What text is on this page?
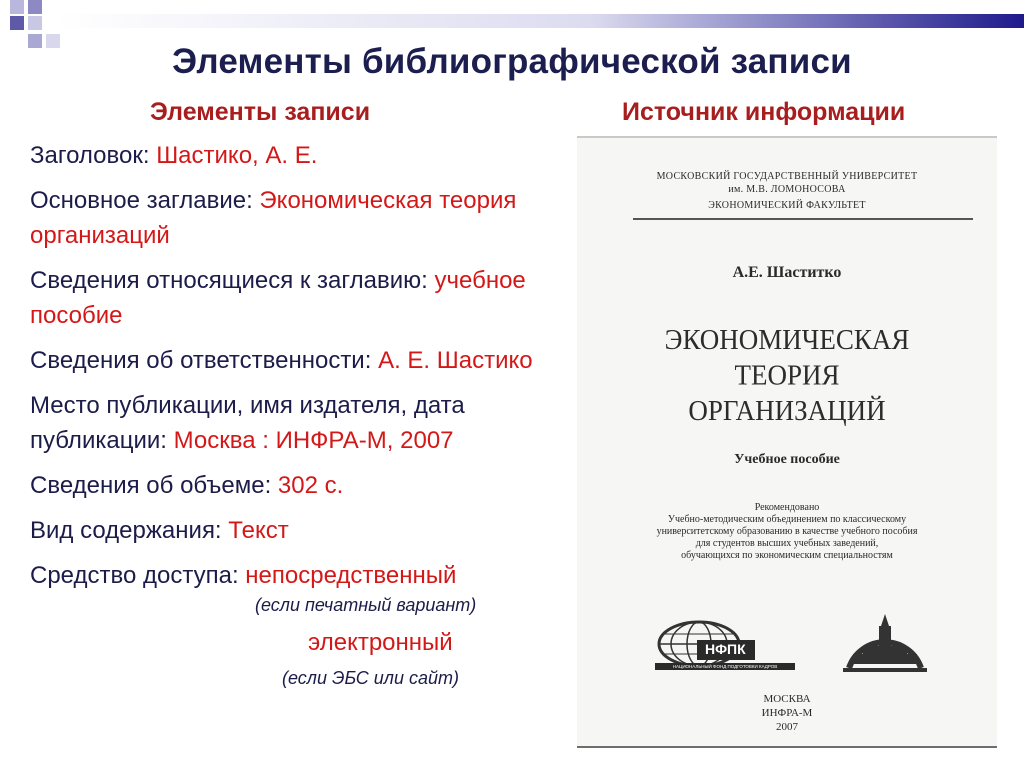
Элементы библиографической записи
Элементы записи	Источник информации
Заголовок: Шастико, А. Е.
Основное заглавие: Экономическая теория организаций
Сведения относящиеся к заглавию: учебное пособие
Сведения об ответственности: А. Е. Шастико
Место публикации, имя издателя, дата публикации: Москва : ИНФРА-М, 2007
Сведения об объеме: 302 с.
Вид содержания: Текст
Средство доступа: непосредственный
(если печатный вариант)
электронный
(если ЭБС или сайт)
МОСКОВСКИЙ ГОСУДАРСТВЕННЫЙ УНИВЕРСИТЕТ
им. М.В. ЛОМОНОСОВА
ЭКОНОМИЧЕСКИЙ ФАКУЛЬТЕТ
А.Е. Шаститко
ЭКОНОМИЧЕСКАЯ
ТЕОРИЯ
ОРГАНИЗАЦИЙ
Учебное пособие
Рекомендовано
Учебно-методическим объединением по классическому
университетскому образованию в качестве учебного пособия
для студентов высших учебных заведений,
обучающихся по экономическим специальностям
НФПК
НАЦИОНАЛЬНЫЙ ФОНД ПОДГОТОВКИ КАДРОВ
МОСКВА
ИНФРА-М
2007
